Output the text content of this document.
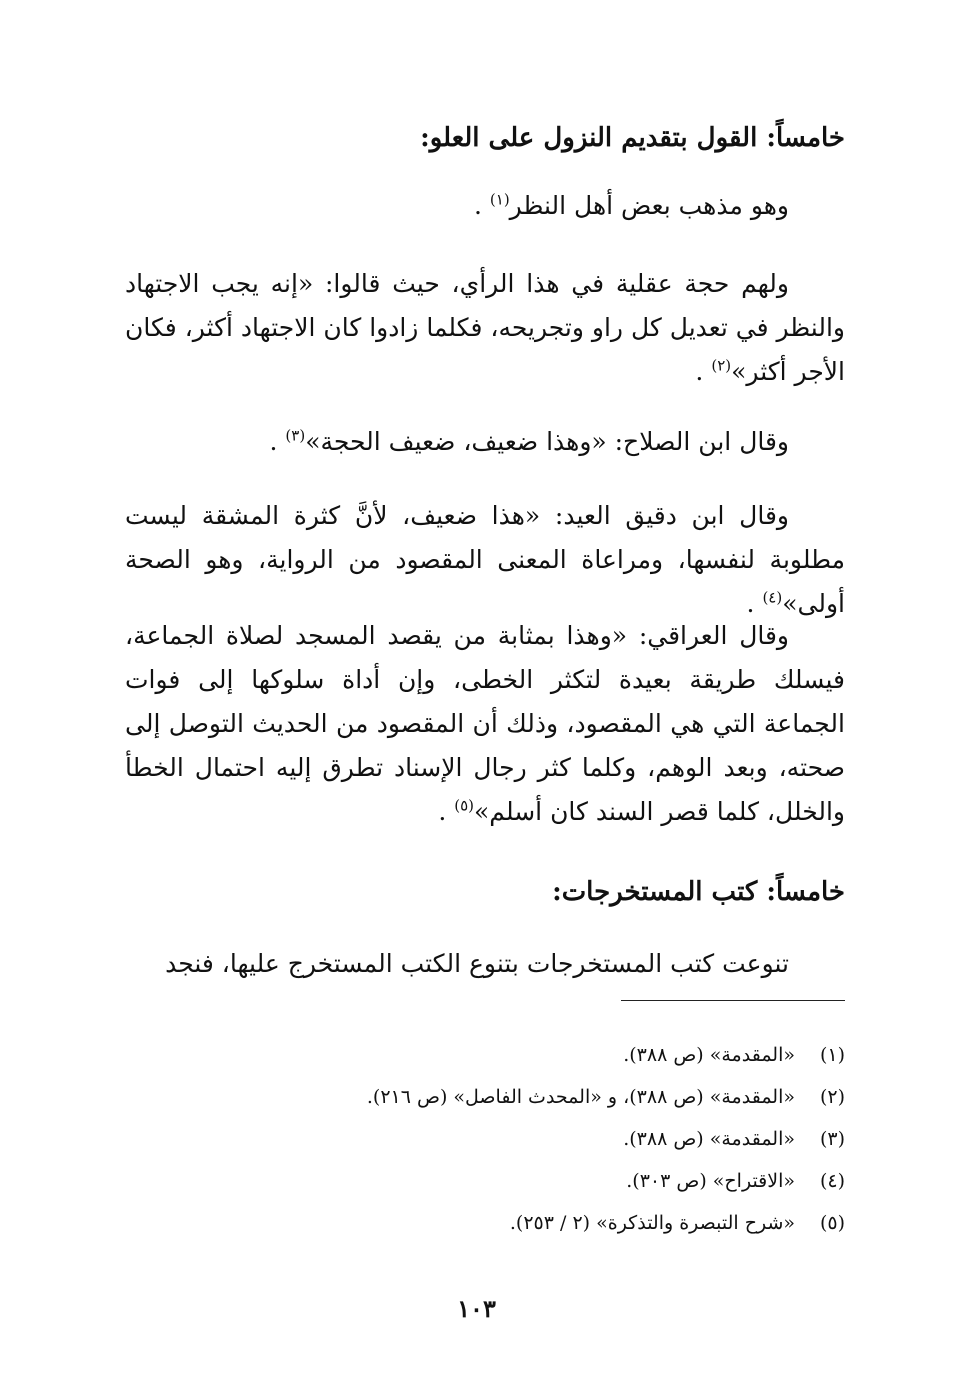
خامساً: القول بتقديم النزول على العلو:
وهو مذهب بعض أهل النظر$^{(١)}$ .
ولهم حجة عقلية في هذا الرأي، حيث قالوا: «إنه يجب الاجتهاد والنظر في تعديل كل راو وتجريحه، فكلما زادوا كان الاجتهاد أكثر، فكان الأجر أكثر»$^{(٢)}$ .
وقال ابن الصلاح: «وهذا ضعيف، ضعيف الحجة»$^{(٣)}$ .
وقال ابن دقيق العيد: «هذا ضعيف، لأنَّ كثرة المشقة ليست مطلوبة لنفسها، ومراعاة المعنى المقصود من الرواية، وهو الصحة أولى»$^{(٤)}$ .
وقال العراقي: «وهذا بمثابة من يقصد المسجد لصلاة الجماعة، فيسلك طريقة بعيدة لتكثر الخطى، وإن أداة سلوكها إلى فوات الجماعة التي هي المقصود، وذلك أن المقصود من الحديث التوصل إلى صحته، وبعد الوهم، وكلما كثر رجال الإسناد تطرق إليه احتمال الخطأ والخلل، كلما قصر السند كان أسلم»$^{(٥)}$ .
خامساً: كتب المستخرجات:
تنوعت كتب المستخرجات بتنوع الكتب المستخرج عليها، فنجد
(١)
«المقدمة» (ص ٣٨٨).
(٢)
«المقدمة» (ص ٣٨٨)، و «المحدث الفاصل» (ص ٢١٦).
(٣)
«المقدمة» (ص ٣٨٨).
(٤)
«الاقتراح» (ص ٣٠٣).
(٥)
«شرح التبصرة والتذكرة» (٢ / ٢٥٣).
١٠٣
